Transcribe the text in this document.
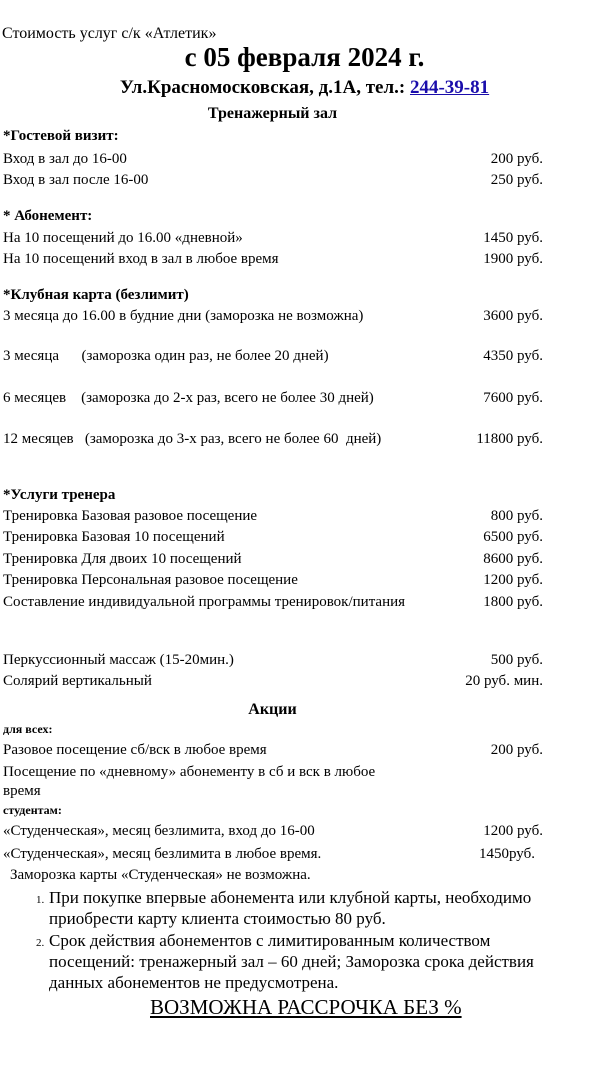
Стоимость услуг с/к «Атлетик»
с 05 февраля 2024 г.
Ул.Красномосковская, д.1А, тел.: 244-39-81
Тренажерный зал
*Гостевой визит:
Вход в зал до 16-00	200 руб.
Вход в зал после 16-00	250 руб.
* Абонемент:
На 10 посещений до 16.00 «дневной»	1450 руб.
На 10 посещений вход в зал в любое время	1900 руб.
*Клубная карта (безлимит)
3 месяца до 16.00 в будние дни (заморозка не возможна)	3600 руб.
3 месяца      (заморозка один раз, не более 20 дней)	4350 руб.
6 месяцев    (заморозка до 2-х раз, всего не более 30 дней)	7600 руб.
12 месяцев   (заморозка до 3-х раз, всего не более 60  дней)	11800 руб.
*Услуги тренера
Тренировка Базовая разовое посещение	800 руб.
Тренировка Базовая 10 посещений	6500 руб.
Тренировка Для двоих 10 посещений	8600 руб.
Тренировка Персональная разовое посещение	1200 руб.
Составление индивидуальной программы тренировок/питания	1800 руб.
Перкуссионный массаж (15-20мин.)	500 руб.
Солярий вертикальный	20 руб. мин.
Акции
для всех:
Разовое посещение сб/вск в любое время	200 руб.
Посещение по «дневному» абонементу в сб и вск в любое
время
студентам:
«Студенческая», месяц безлимита, вход до 16-00	1200 руб.
«Студенческая», месяц безлимита в любое время.	1450руб.
Заморозка карты «Студенческая» не возможна.
1. При покупке впервые абонемента или клубной карты, необходимо
приобрести карту клиента стоимостью 80 руб.
2. Срок действия абонементов с лимитированным количеством
посещений: тренажерный зал – 60 дней; Заморозка срока действия
данных абонементов не предусмотрена.
ВОЗМОЖНА РАССРОЧКА БЕЗ %
